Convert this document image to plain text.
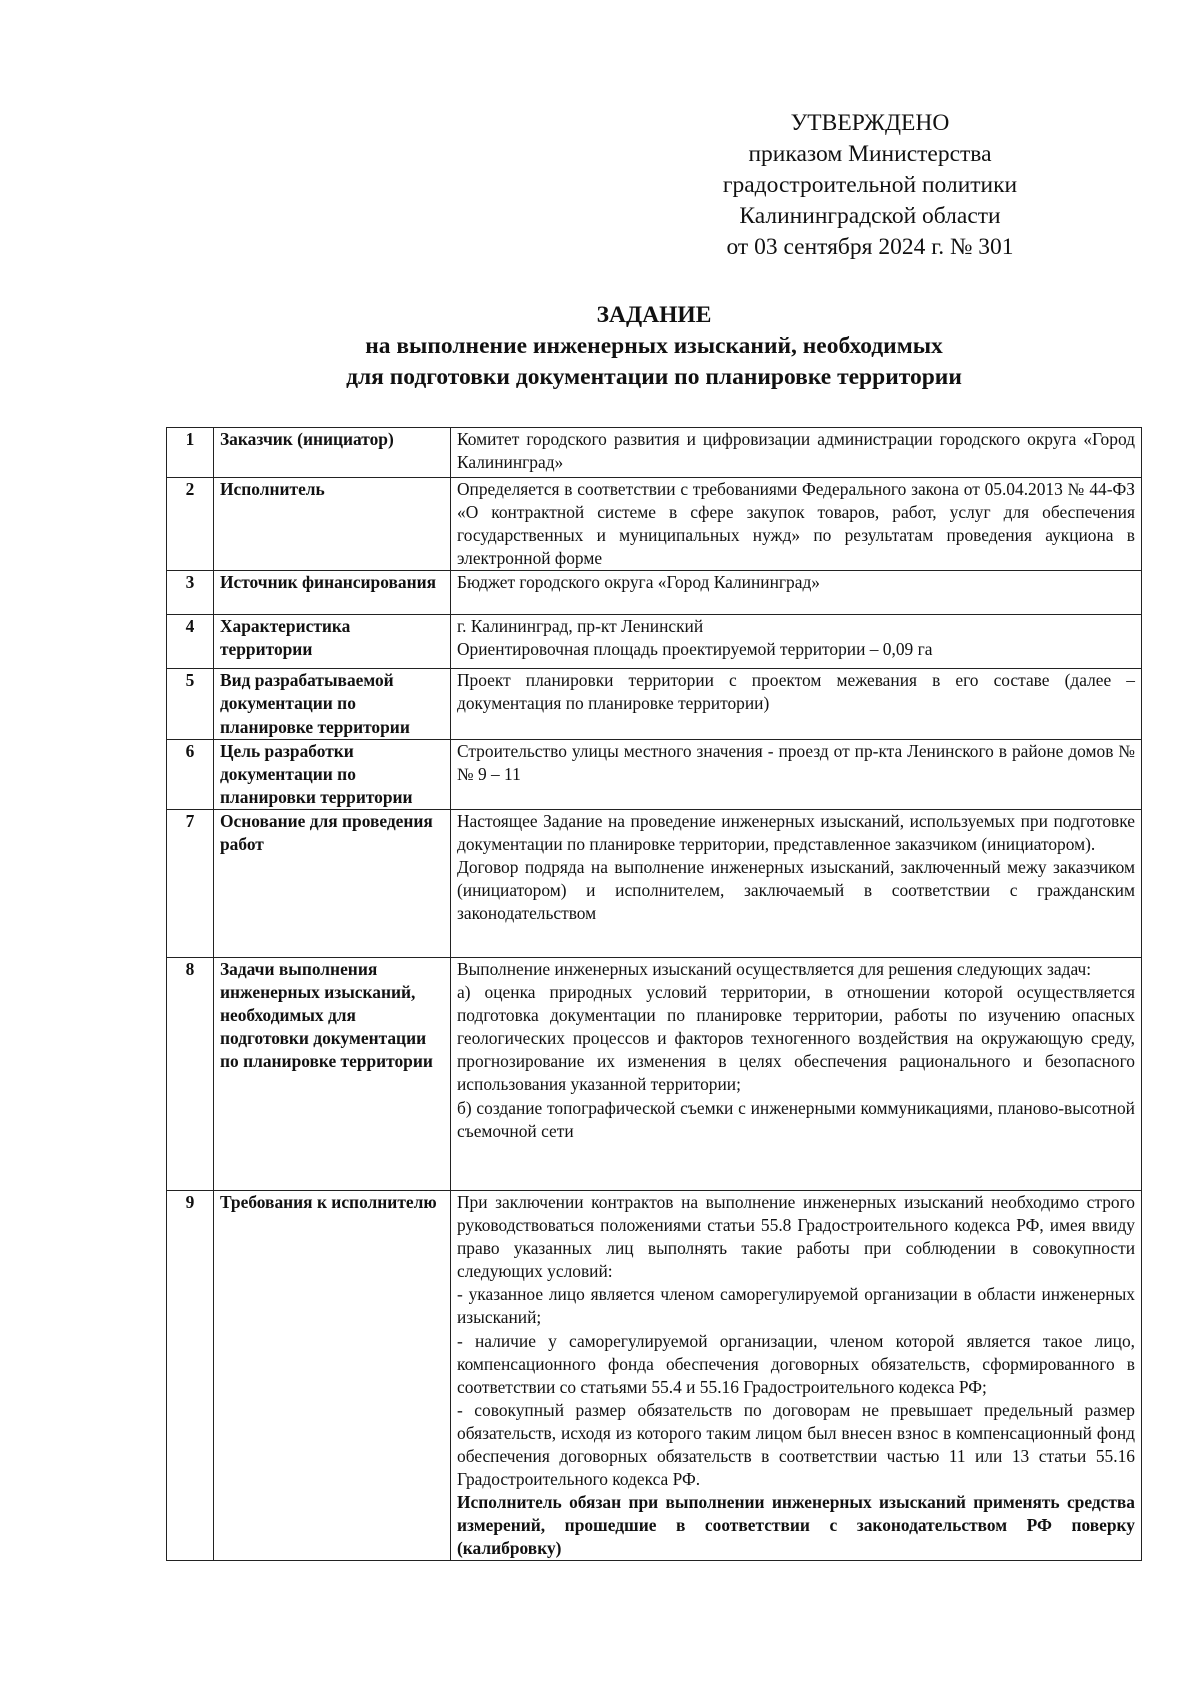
УТВЕРЖДЕНО
приказом Министерства
градостроительной политики
Калининградской области
от 03 сентября 2024 г. № 301
ЗАДАНИЕ
на выполнение инженерных изысканий, необходимых
для подготовки документации по планировке территории
1	Заказчик (инициатор)	Комитет городского развития и цифровизации администрации городского округа «Город Калининград»

2	Исполнитель	Определяется в соответствии с требованиями Федерального закона от 05.04.2013 № 44-ФЗ «О контрактной системе в сфере закупок товаров, работ, услуг для обеспечения государственных и муниципальных нужд» по результатам проведения аукциона в электронной форме

3	Источник финансирования	Бюджет городского округа «Город Калининград»

4	Характеристика территории	г. Калининград, пр-кт Ленинский

Ориентировочная площадь проектируемой территории – 0,09 га

5	Вид разрабатываемой документации по планировке территории	Проект планировки территории с проектом межевания в его составе (далее – документация по планировке территории)

6	Цель разработки документации по планировки территории	Строительство улицы местного значения - проезд от пр-кта Ленинского в районе домов №№ 9 – 11

7	Основание для проведения работ	Настоящее Задание на проведение инженерных изысканий, используемых при подготовке документации по планировке территории, представленное заказчиком (инициатором).

Договор подряда на выполнение инженерных изысканий, заключенный межу заказчиком (инициатором) и исполнителем, заключаемый в соответствии с гражданским законодательством

8	Задачи выполнения инженерных изысканий, необходимых для подготовки документации по планировке территории	Выполнение инженерных изысканий осуществляется для решения следующих задач:

а) оценка природных условий территории, в отношении которой осуществляется подготовка документации по планировке территории, работы по изучению опасных геологических процессов и факторов техногенного воздействия на окружающую среду, прогнозирование их изменения в целях обеспечения рационального и безопасного использования указанной территории;

б) создание топографической съемки с инженерными коммуникациями, планово-высотной съемочной сети

9	Требования к исполнителю	При заключении контрактов на выполнение инженерных изысканий необходимо строго руководствоваться положениями статьи 55.8 Градостроительного кодекса РФ, имея ввиду право указанных лиц выполнять такие работы при соблюдении в совокупности следующих условий:

- указанное лицо является членом саморегулируемой организации в области инженерных изысканий;

- наличие у саморегулируемой организации, членом которой является такое лицо, компенсационного фонда обеспечения договорных обязательств, сформированного в соответствии со статьями 55.4 и 55.16 Градостроительного кодекса РФ;

- совокупный размер обязательств по договорам не превышает предельный размер обязательств, исходя из которого таким лицом был внесен взнос в компенсационный фонд обеспечения договорных обязательств в соответствии частью 11 или 13 статьи 55.16 Градостроительного кодекса РФ.

Исполнитель обязан при выполнении инженерных изысканий применять средства измерений, прошедшие в соответствии с законодательством РФ поверку (калибровку)
